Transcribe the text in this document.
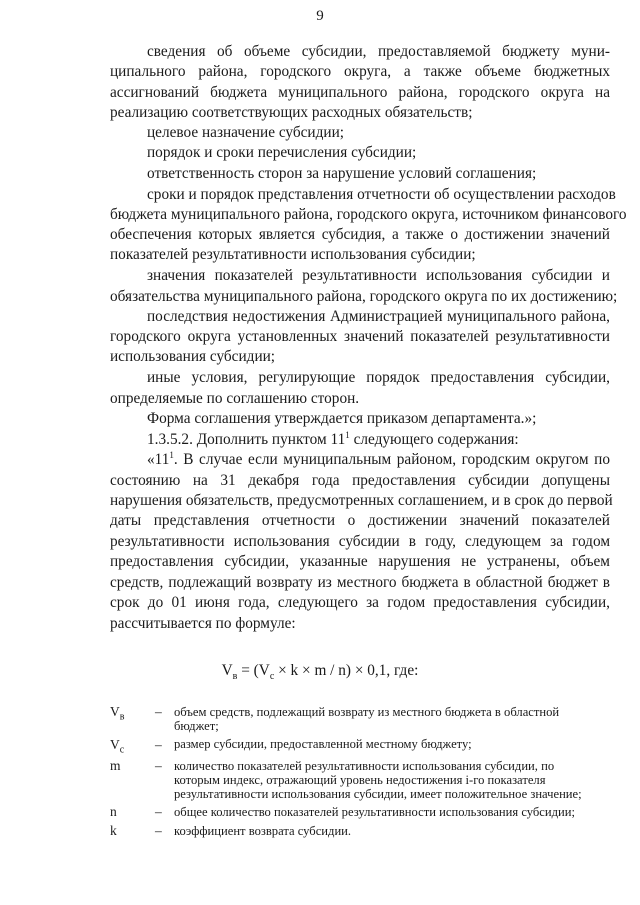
9
сведения об объеме субсидии, предоставляемой бюджету муни-
ципального района, городского округа, а также объеме бюджетных
ассигнований бюджета муниципального района, городского округа на
реализацию соответствующих расходных обязательств;
целевое назначение субсидии;
порядок и сроки перечисления субсидии;
ответственность сторон за нарушение условий соглашения;
сроки и порядок представления отчетности об осуществлении расходов
бюджета муниципального района, городского округа, источником финансового
обеспечения которых является субсидия, а также о достижении значений
показателей результативности использования субсидии;
значения показателей результативности использования субсидии и
обязательства муниципального района, городского округа по их достижению;
последствия недостижения Администрацией муниципального района,
городского округа установленных значений показателей результативности
использования субсидии;
иные условия, регулирующие порядок предоставления субсидии,
определяемые по соглашению сторон.
Форма соглашения утверждается приказом департамента.»;
1.3.5.2. Дополнить пунктом $11^1$ следующего содержания:
«$11^1$. В случае если муниципальным районом, городским округом по
состоянию на 31 декабря года предоставления субсидии допущены
нарушения обязательств, предусмотренных соглашением, и в срок до первой
даты представления отчетности о достижении значений показателей
результативности использования субсидии в году, следующем за годом
предоставления субсидии, указанные нарушения не устранены, объем
средств, подлежащий возврату из местного бюджета в областной бюджет в
срок до 01 июня года, следующего за годом предоставления субсидии,
рассчитывается по формуле:
$V_в = (V_с \times k \times m / n) \times 0,1$, где:
$V_в$ – объем средств, подлежащий возврату из местного бюджета в областной
бюджет;
$V_с$ – размер субсидии, предоставленной местному бюджету;
m	– количество показателей результативности использования субсидии, по
которым индекс, отражающий уровень недостижения i-го показателя
результативности использования субсидии, имеет положительное значение;
n	– общее количество показателей результативности использования субсидии;
k	– коэффициент возврата субсидии.
